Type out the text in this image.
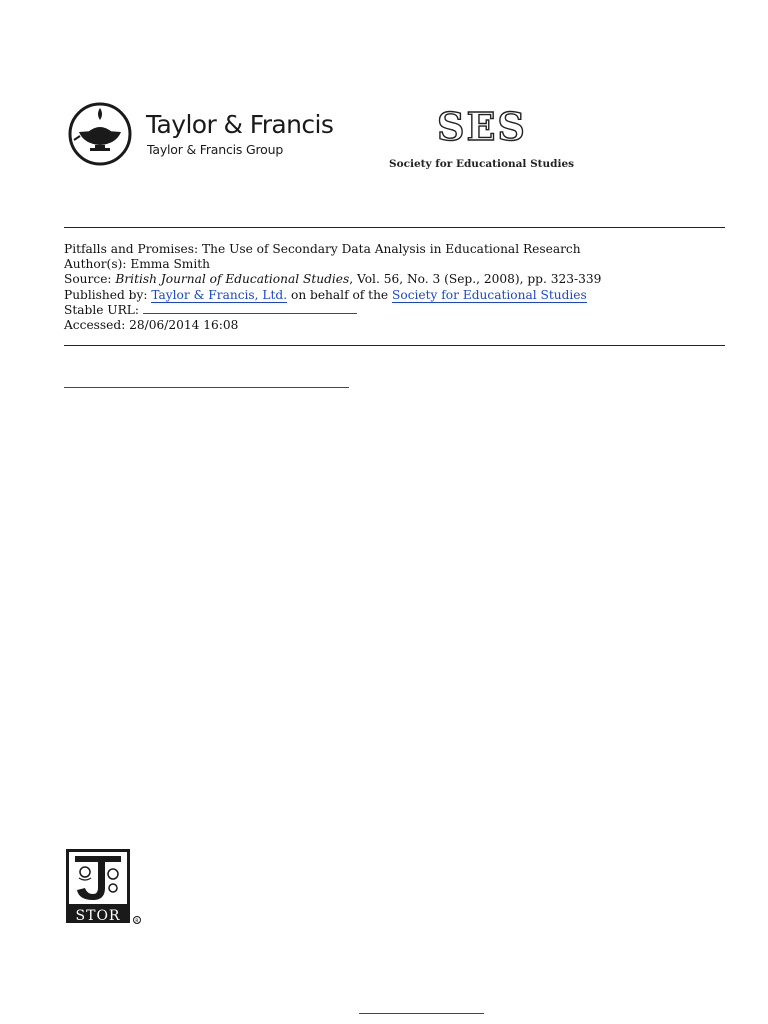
Taylor & Francis
Taylor & Francis Group
SES
Society for Educational Studies
Pitfalls and Promises: The Use of Secondary Data Analysis in Educational Research
Author(s): Emma Smith
Source: British Journal of Educational Studies, Vol. 56, No. 3 (Sep., 2008), pp. 323-339
Published by: Taylor & Francis, Ltd. on behalf of the Society for Educational Studies
Stable URL:
Accessed: 28/06/2014 16:08
STOR	R
